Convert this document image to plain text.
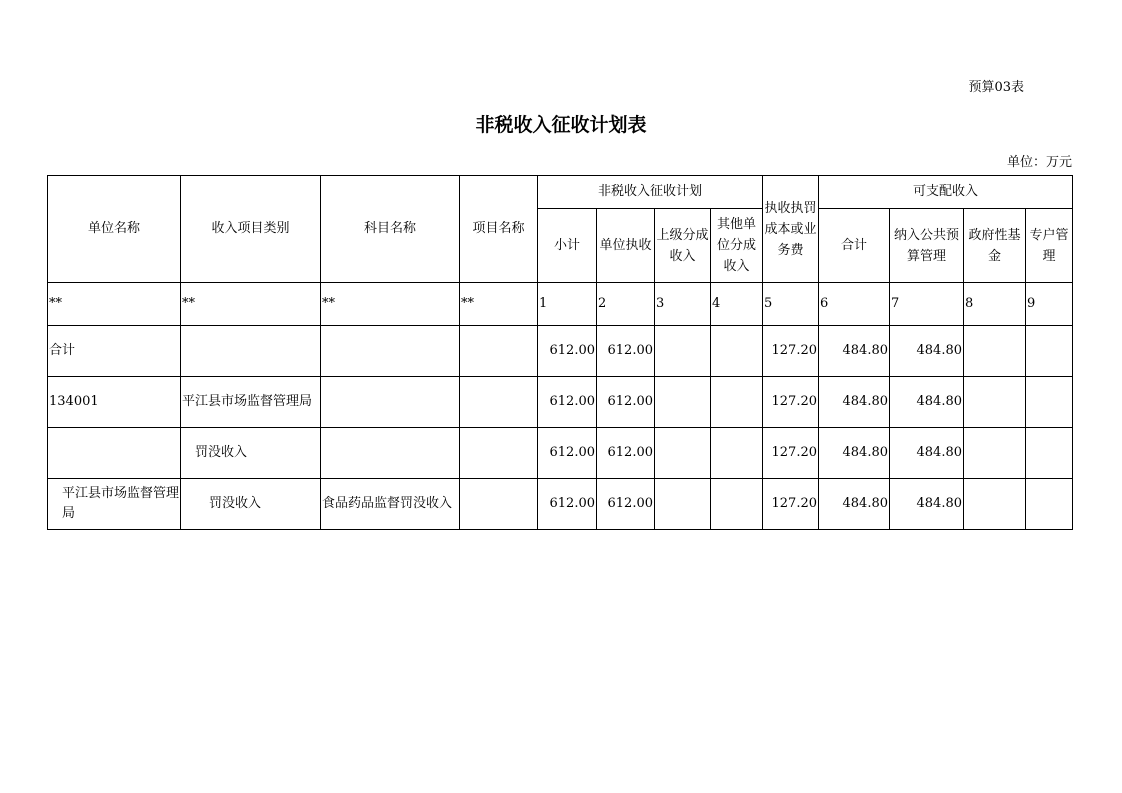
预算03表
非税收入征收计划表
单位：万元
单位名称	收入项目类别	科目名称	项目名称	非税收入征收计划				执收执罚成本或业务费	可支配收入			
				小计	单位执收	上级分成收入	其他单位分成收入		合计	纳入公共预算管理	政府性基金	专户管理
**	**	**	**	1	2	3	4	5	6	7	8	9
合计				612.00	612.00			127.20	484.80	484.80		
134001	平江县市场监督管理局			612.00	612.00			127.20	484.80	484.80		
	罚没收入			612.00	612.00			127.20	484.80	484.80		
平江县市场监督管理局	罚没收入	食品药品监督罚没收入		612.00	612.00			127.20	484.80	484.80		
